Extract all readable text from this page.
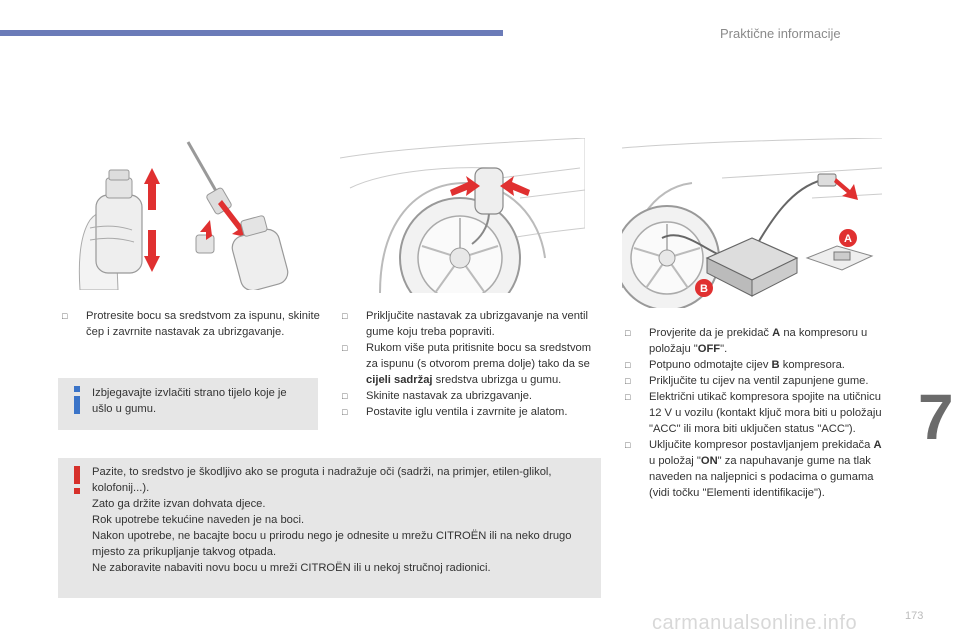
Praktične informacije
7
173
carmanualsonline.info
A
B
□ Protresite bocu sa sredstvom za ispunu, skinite čep i zavrnite nastavak za ubrizgavanje.
Izbjegavajte izvlačiti strano tijelo koje je ušlo u gumu.
□ Priključite nastavak za ubrizgavanje na ventil gume koju treba popraviti.
□ Rukom više puta pritisnite bocu sa sredstvom za ispunu (s otvorom prema dolje) tako da se cijeli sadržaj sredstva ubrizga u gumu.
□ Skinite nastavak za ubrizgavanje.
□ Postavite iglu ventila i zavrnite je alatom.
□ Provjerite da je prekidač A na kompresoru u položaju "OFF".
□ Potpuno odmotajte cijev B kompresora.
□ Priključite tu cijev na ventil zapunjene gume.
□ Električni utikač kompresora spojite na utičnicu 12 V u vozilu (kontakt ključ mora biti u položaju "ACC" ili mora biti uključen status "ACC").
□ Uključite kompresor postavljanjem prekidača A u položaj "ON" za napuhavanje gume na tlak naveden na naljepnici s podacima o gumama (vidi točku "Elementi identifikacije").
Pazite, to sredstvo je škodljivo ako se proguta i nadražuje oči (sadrži, na primjer, etilen-glikol, kolofonij...).
Zato ga držite izvan dohvata djece.
Rok upotrebe tekućine naveden je na boci.
Nakon upotrebe, ne bacajte bocu u prirodu nego je odnesite u mrežu CITROËN ili na neko drugo mjesto za prikupljanje takvog otpada.
Ne zaboravite nabaviti novu bocu u mreži CITROËN ili u nekoj stručnoj radionici.
